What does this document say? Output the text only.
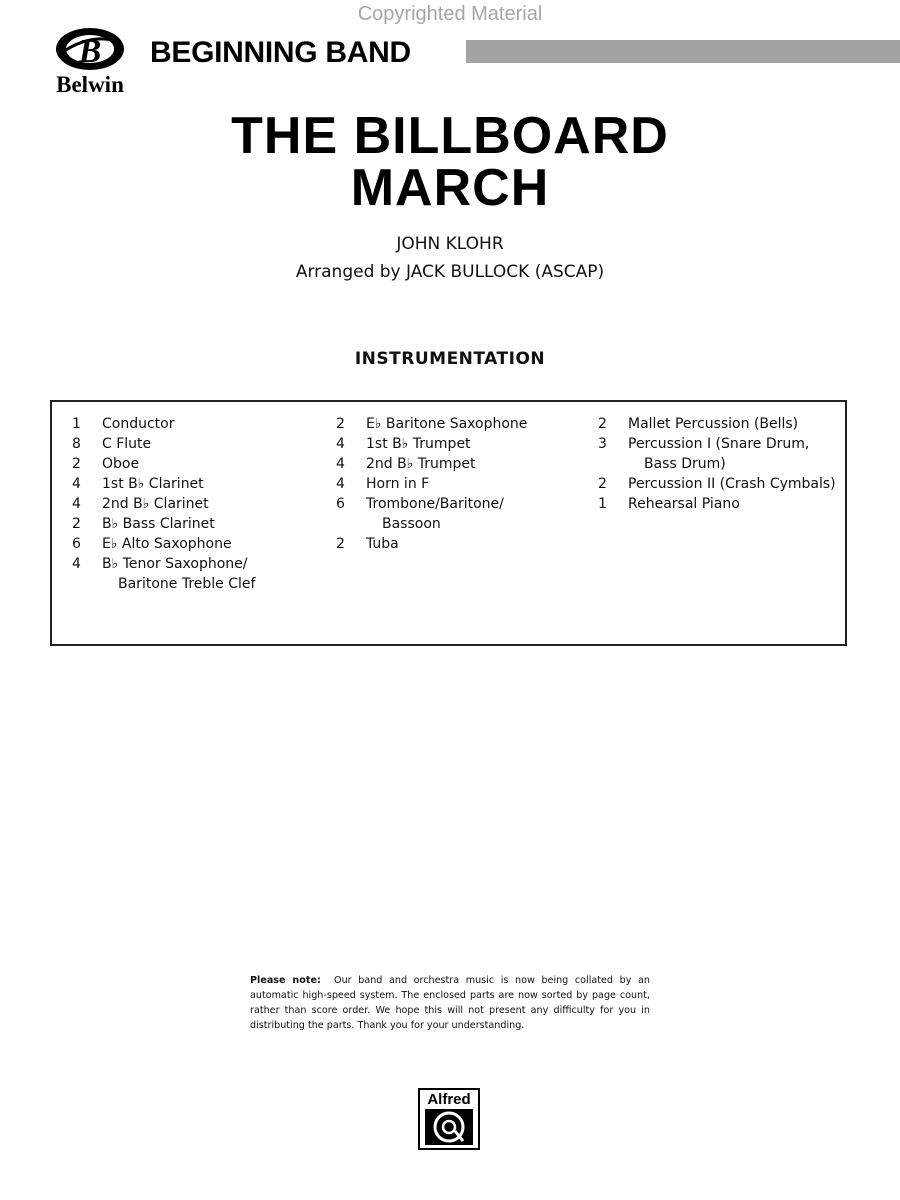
Copyrighted Material
B
Belwin
BEGINNING BAND
THE BILLBOARD
MARCH
JOHN KLOHR
Arranged by JACK BULLOCK (ASCAP)
INSTRUMENTATION
1	Conductor
8	C Flute
2	Oboe
4	1st B♭ Clarinet
4	2nd B♭ Clarinet
2	B♭ Bass Clarinet
6	E♭ Alto Saxophone
4	B♭ Tenor Saxophone/
Baritone Treble Clef
2	E♭ Baritone Saxophone
4	1st B♭ Trumpet
4	2nd B♭ Trumpet
4	Horn in F
6	Trombone/Baritone/
Bassoon
2	Tuba
2	Mallet Percussion (Bells)
3	Percussion I (Snare Drum,
Bass Drum)
2	Percussion II (Crash Cymbals)
1	Rehearsal Piano
Please note: Our band and orchestra music is now being collated by an automatic high-speed system. The enclosed parts are now sorted by page count, rather than score order. We hope this will not present any difficulty for you in distributing the parts. Thank you for your understanding.
Alfred
